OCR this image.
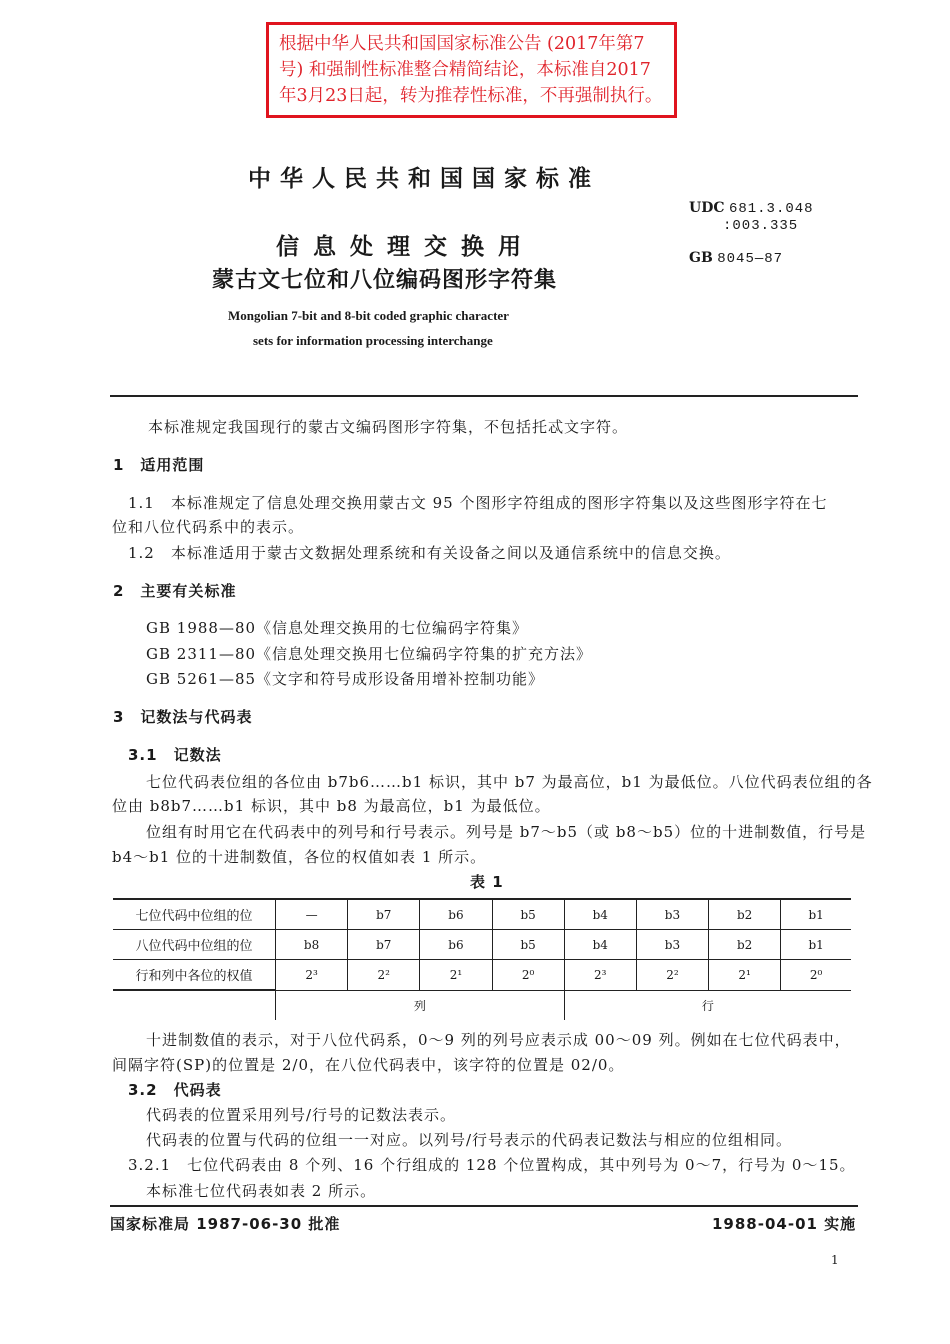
根据中华人民共和国国家标准公告 (2017年第7号) 和强制性标准整合精简结论，本标准自2017年3月23日起，转为推荐性标准，不再强制执行。
中华人民共和国国家标准
信息处理交换用
蒙古文七位和八位编码图形字符集
Mongolian 7-bit and 8-bit coded graphic character
sets for information processing interchange
UDC 681.3.048
:003.335
GB 8045—87
本标准规定我国现行的蒙古文编码图形字符集，不包括托忒文字符。
1　适用范围
1.1　本标准规定了信息处理交换用蒙古文 95 个图形字符组成的图形字符集以及这些图形字符在七
位和八位代码系中的表示。
1.2　本标准适用于蒙古文数据处理系统和有关设备之间以及通信系统中的信息交换。
2　主要有关标准
GB 1988—80《信息处理交换用的七位编码字符集》
GB 2311—80《信息处理交换用七位编码字符集的扩充方法》
GB 5261—85《文字和符号成形设备用增补控制功能》
3　记数法与代码表
3.1　记数法
七位代码表位组的各位由 b7b6……b1 标识，其中 b7 为最高位，b1 为最低位。八位代码表位组的各
位由 b8b7……b1 标识，其中 b8 为最高位，b1 为最低位。
位组有时用它在代码表中的列号和行号表示。列号是 b7～b5（或 b8～b5）位的十进制数值，行号是
b4～b1 位的十进制数值，各位的权值如表 1 所示。
表 1
七位代码中位组的位	—	b7	b6	b5	b4	b3	b2	b1
八位代码中位组的位	b8	b7	b6	b5	b4	b3	b2	b1
行和列中各位的权值	2³	2²	2¹	2⁰	2³	2²	2¹	2⁰
	列				行			
十进制数值的表示，对于八位代码系，0～9 列的列号应表示成 00～09 列。例如在七位代码表中，
间隔字符(SP)的位置是 2/0，在八位代码表中，该字符的位置是 02/0。
3.2　代码表
代码表的位置采用列号/行号的记数法表示。
代码表的位置与代码的位组一一对应。以列号/行号表示的代码表记数法与相应的位组相同。
3.2.1　七位代码表由 8 个列、16 个行组成的 128 个位置构成，其中列号为 0～7，行号为 0～15。
本标准七位代码表如表 2 所示。
国家标准局 1987-06-30 批准	1988-04-01 实施
1
